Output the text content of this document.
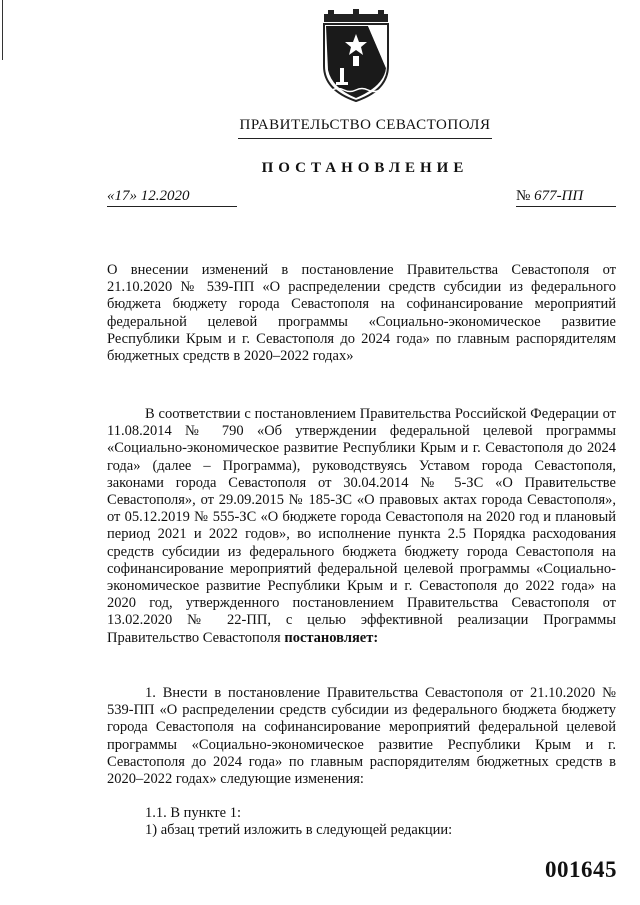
ПРАВИТЕЛЬСТВО СЕВАСТОПОЛЯ
ПОСТАНОВЛЕНИЕ
«17» 12.2020	№ 677-ПП
О внесении изменений в постановление Правительства Севастополя от 21.10.2020 № 539-ПП «О распределении средств субсидии из федерального бюджета бюджету города Севастополя на софинансирование мероприятий федеральной целевой программы «Социально-экономическое развитие Республики Крым и г. Севастополя до 2024 года» по главным распорядителям бюджетных средств в 2020–2022 годах»

В соответствии с постановлением Правительства Российской Федерации от 11.08.2014 № 790 «Об утверждении федеральной целевой программы «Социально-экономическое развитие Республики Крым и г. Севастополя до 2024 года» (далее – Программа), руководствуясь Уставом города Севастополя, законами города Севастополя от 30.04.2014 № 5-ЗС «О Правительстве Севастополя», от 29.09.2015 № 185-ЗС «О правовых актах города Севастополя», от 05.12.2019 № 555-ЗС «О бюджете города Севастополя на 2020 год и плановый период 2021 и 2022 годов», во исполнение пункта 2.5 Порядка расходования средств субсидии из федерального бюджета бюджету города Севастополя на софинансирование мероприятий федеральной целевой программы «Социально-экономическое развитие Республики Крым и г. Севастополя до 2022 года» на 2020 год, утвержденного постановлением Правительства Севастополя от 13.02.2020 № 22-ПП, с целью эффективной реализации Программы Правительство Севастополя постановляет:

1. Внести в постановление Правительства Севастополя от 21.10.2020 № 539-ПП «О распределении средств субсидии из федерального бюджета бюджету города Севастополя на софинансирование мероприятий федеральной целевой программы «Социально-экономическое развитие Республики Крым и г. Севастополя до 2024 года» по главным распорядителям бюджетных средств в 2020–2022 годах» следующие изменения:

1.1. В пункте 1:

1) абзац третий изложить в следующей редакции:

001645
